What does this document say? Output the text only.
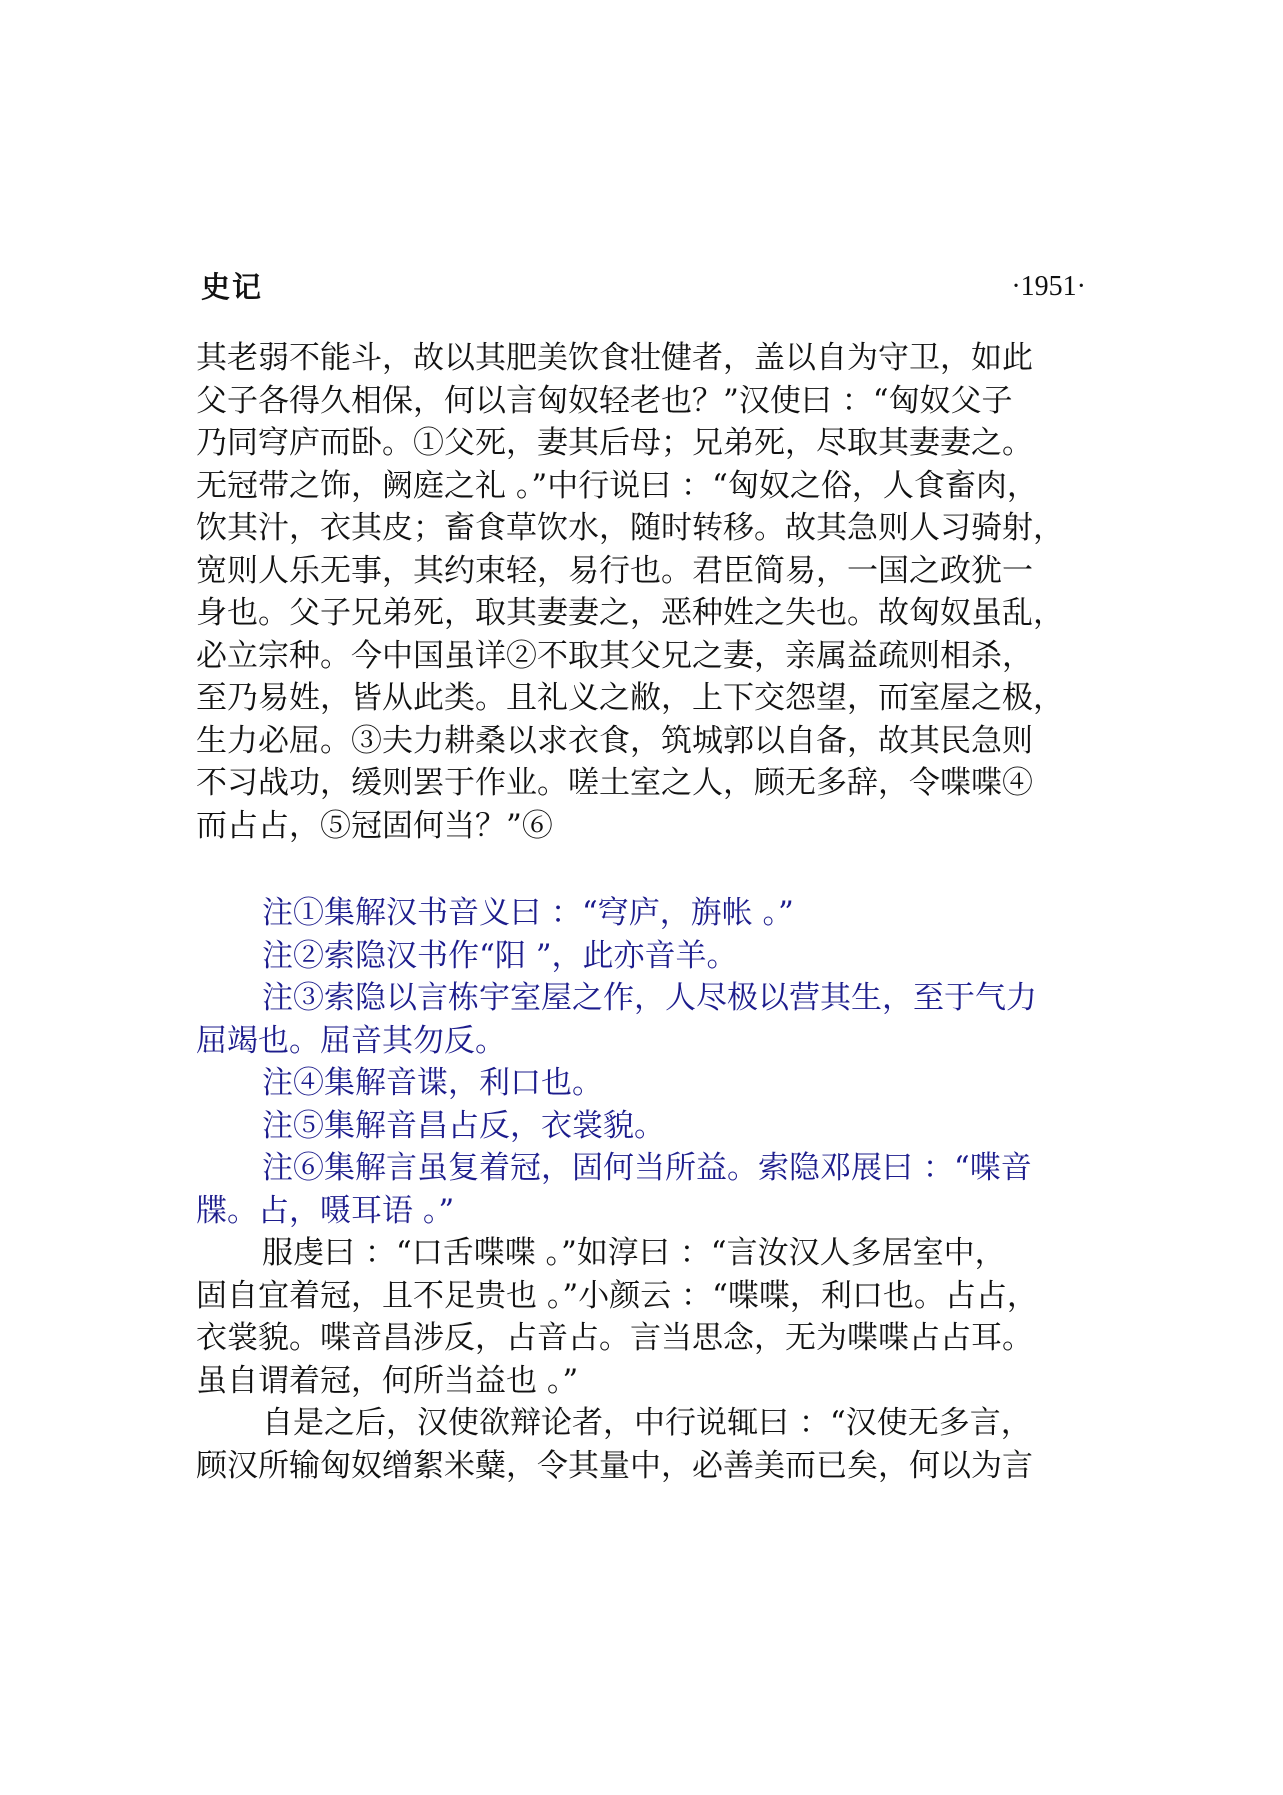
史记	·1951·
其老弱不能斗，故以其肥美饮食壮健者，盖以自为守卫，如此
父子各得久相保，何以言匈奴轻老也？”汉使曰 ：“匈奴父子
乃同穹庐而卧。①父死，妻其后母；兄弟死，尽取其妻妻之。
无冠带之饰，阙庭之礼 。”中行说曰 ：“匈奴之俗，人食畜肉，
饮其汁，衣其皮；畜食草饮水，随时转移。故其急则人习骑射，
宽则人乐无事，其约束轻，易行也。君臣简易，一国之政犹一
身也。父子兄弟死，取其妻妻之，恶种姓之失也。故匈奴虽乱，
必立宗种。今中国虽详②不取其父兄之妻，亲属益疏则相杀，
至乃易姓，皆从此类。且礼义之敝，上下交怨望，而室屋之极，
生力必屈。③夫力耕桑以求衣食，筑城郭以自备，故其民急则
不习战功，缓则罢于作业。嗟土室之人，顾无多辞，令喋喋④
而占占，⑤冠固何当？”⑥
注①集解汉书音义曰 ：“穹庐，旃帐 。”
注②索隐汉书作“阳 ”，此亦音羊。
注③索隐以言栋宇室屋之作，人尽极以营其生，至于气力
屈竭也。屈音其勿反。
注④集解音谍，利口也。
注⑤集解音昌占反，衣裳貌。
注⑥集解言虽复着冠，固何当所益。索隐邓展曰 ：“喋音
牒。占，嗫耳语 。”
服虔曰 ：“口舌喋喋 。”如淳曰 ：“言汝汉人多居室中，
固自宜着冠，且不足贵也 。”小颜云 ：“喋喋，利口也。占占，
衣裳貌。喋音昌涉反，占音占。言当思念，无为喋喋占占耳。
虽自谓着冠，何所当益也 。”
自是之后，汉使欲辩论者，中行说辄曰 ：“汉使无多言，
顾汉所输匈奴缯絮米糵，令其量中，必善美而已矣，何以为言
